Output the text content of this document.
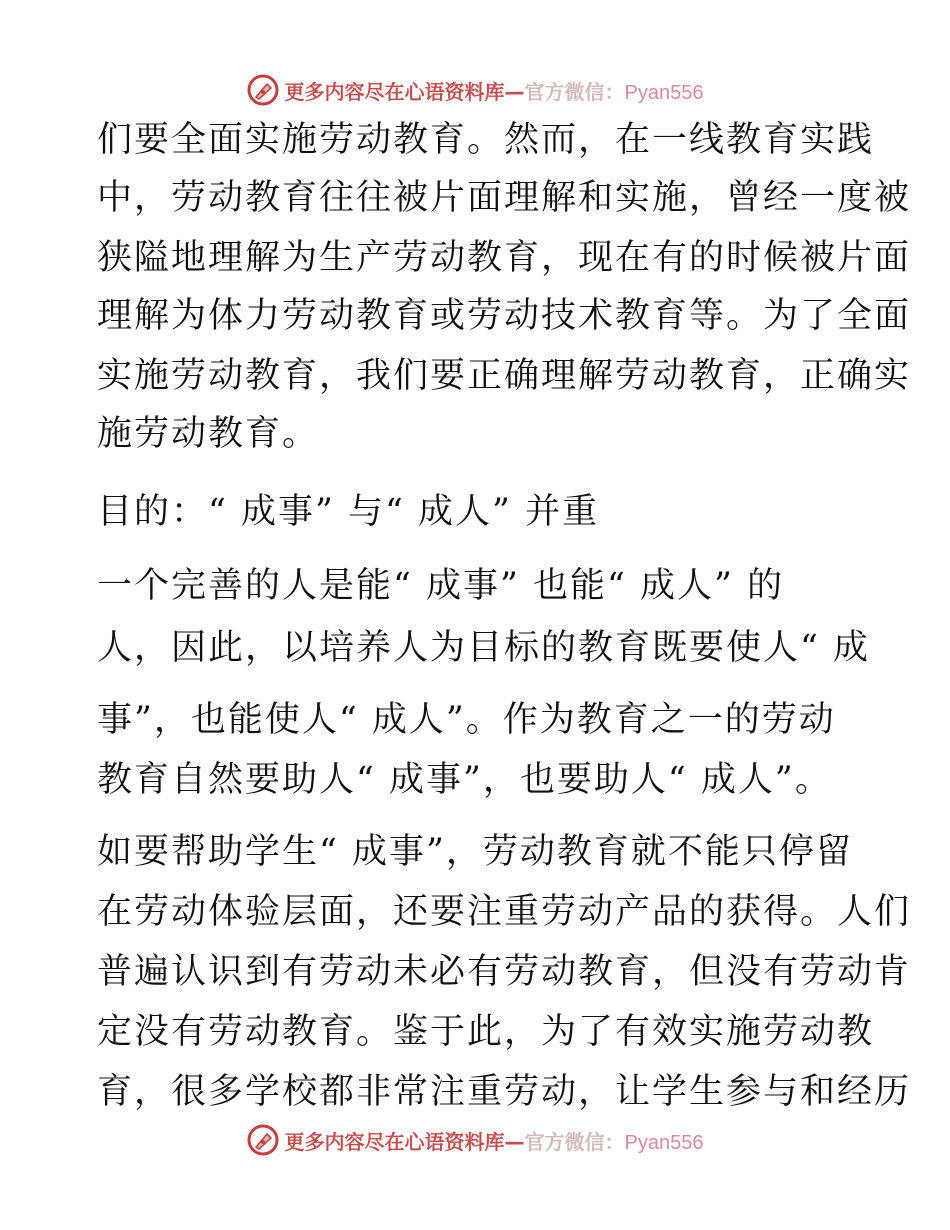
更多内容尽在心语资料库—官方微信：Pyan556
们要全面实施劳动教育。然而，在一线教育实践
中，劳动教育往往被片面理解和实施，曾经一度被
狭隘地理解为生产劳动教育，现在有的时候被片面
理解为体力劳动教育或劳动技术教育等。为了全面
实施劳动教育，我们要正确理解劳动教育，正确实
施劳动教育。
目的：“ 成事” 与“ 成人” 并重
一个完善的人是能“ 成事” 也能“ 成人” 的
人，因此，以培养人为目标的教育既要使人“ 成
事”，也能使人“ 成人”。作为教育之一的劳动
教育自然要助人“ 成事”，也要助人“ 成人”。
如要帮助学生“ 成事”，劳动教育就不能只停留
在劳动体验层面，还要注重劳动产品的获得。人们
普遍认识到有劳动未必有劳动教育，但没有劳动肯
定没有劳动教育。鉴于此，为了有效实施劳动教
育，很多学校都非常注重劳动，让学生参与和经历
更多内容尽在心语资料库—官方微信：Pyan556
